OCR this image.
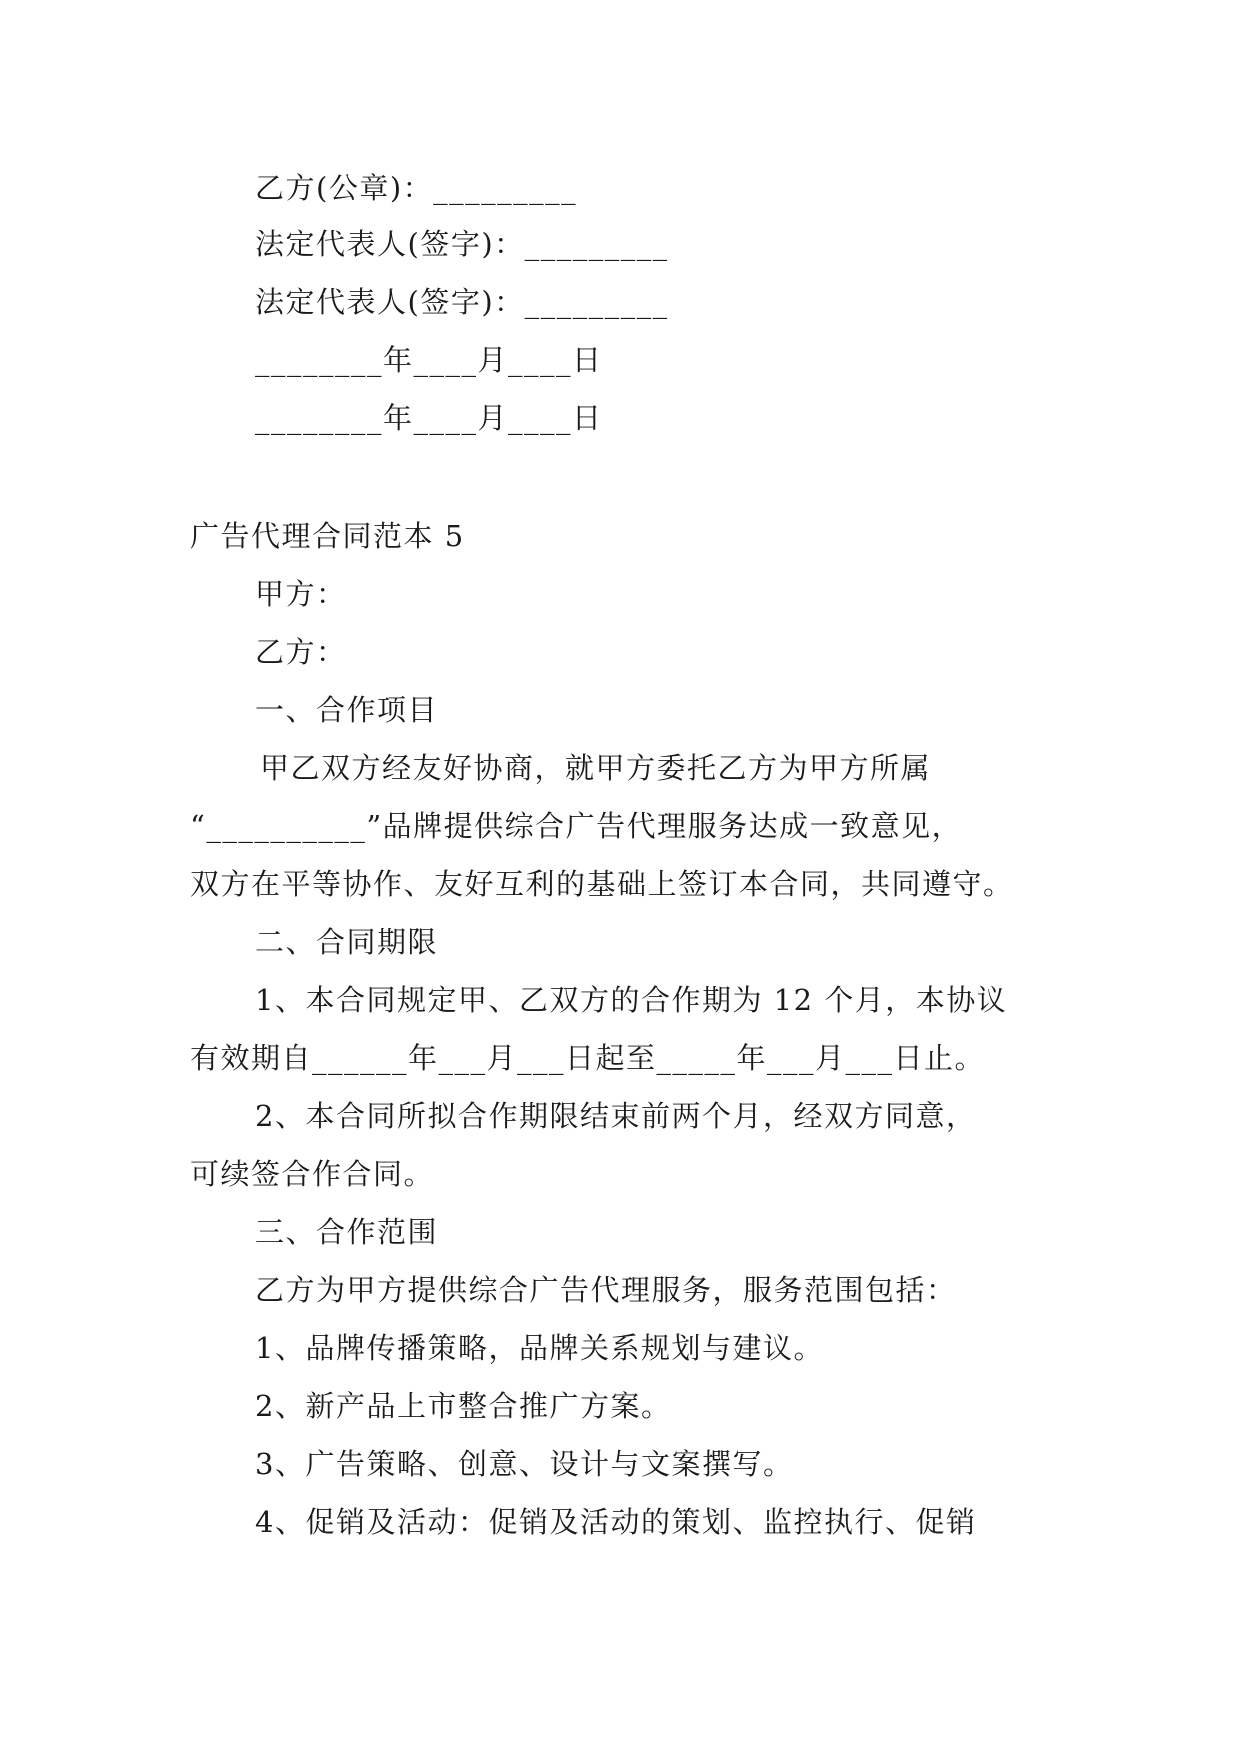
乙方(公章)：_________
法定代表人(签字)：_________
法定代表人(签字)：_________
________年____月____日
________年____月____日
广告代理合同范本 5
甲方：
乙方：
一、合作项目
甲乙双方经友好协商，就甲方委托乙方为甲方所属
“__________”品牌提供综合广告代理服务达成一致意见，
双方在平等协作、友好互利的基础上签订本合同，共同遵守。
二、合同期限
1、本合同规定甲、乙双方的合作期为 12 个月，本协议
有效期自______年___月___日起至_____年___月___日止。
2、本合同所拟合作期限结束前两个月，经双方同意，
可续签合作合同。
三、合作范围
乙方为甲方提供综合广告代理服务，服务范围包括：
1、品牌传播策略，品牌关系规划与建议。
2、新产品上市整合推广方案。
3、广告策略、创意、设计与文案撰写。
4、促销及活动：促销及活动的策划、监控执行、促销
